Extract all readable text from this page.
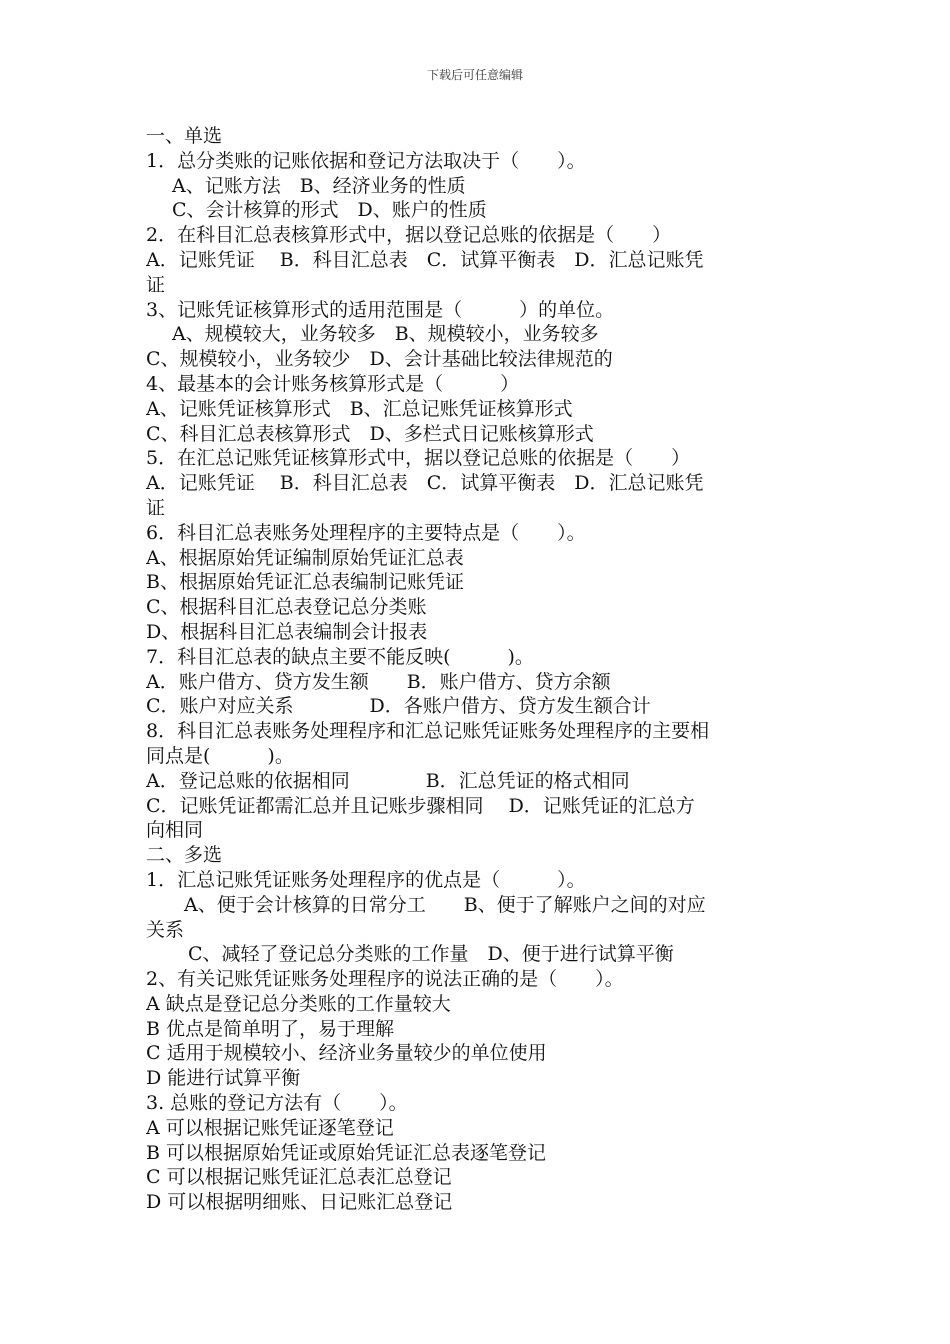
下载后可任意编辑
一、单选
1．总分类账的记账依据和登记方法取决于（　　）。
A、记账方法　B、经济业务的性质
C、会计核算的形式　D、账户的性质
2．在科目汇总表核算形式中，据以登记总账的依据是（　　）
A．记账凭证　 B．科目汇总表　C．试算平衡表　D．汇总记账凭
证
3、记账凭证核算形式的适用范围是（　　　）的单位。
A、规模较大，业务较多　B、规模较小，业务较多
C、规模较小，业务较少　D、会计基础比较法律规范的
4、最基本的会计账务核算形式是（　　　）
A、记账凭证核算形式　B、汇总记账凭证核算形式
C、科目汇总表核算形式　D、多栏式日记账核算形式
5．在汇总记账凭证核算形式中，据以登记总账的依据是（　　）
A．记账凭证　 B．科目汇总表　C．试算平衡表　D．汇总记账凭
证
6．科目汇总表账务处理程序的主要特点是（　　）。
A、根据原始凭证编制原始凭证汇总表
B、根据原始凭证汇总表编制记账凭证
C、根据科目汇总表登记总分类账
D、根据科目汇总表编制会计报表
7．科目汇总表的缺点主要不能反映(　　　)。
A．账户借方、贷方发生额　　B．账户借方、贷方余额
C．账户对应关系　　　　D．各账户借方、贷方发生额合计
8．科目汇总表账务处理程序和汇总记账凭证账务处理程序的主要相
同点是(　　　)。
A．登记总账的依据相同　　　　B．汇总凭证的格式相同
C．记账凭证都需汇总并且记账步骤相同　 D．记账凭证的汇总方
向相同
二、多选
1．汇总记账凭证账务处理程序的优点是（　　　）。
A、便于会计核算的日常分工　　B、便于了解账户之间的对应
关系
C、减轻了登记总分类账的工作量　D、便于进行试算平衡
2、有关记账凭证账务处理程序的说法正确的是（　　）。
A 缺点是登记总分类账的工作量较大
B 优点是简单明了，易于理解
C 适用于规模较小、经济业务量较少的单位使用
D 能进行试算平衡
3. 总账的登记方法有（　　）。
A 可以根据记账凭证逐笔登记
B 可以根据原始凭证或原始凭证汇总表逐笔登记
C 可以根据记账凭证汇总表汇总登记
D 可以根据明细账、日记账汇总登记
